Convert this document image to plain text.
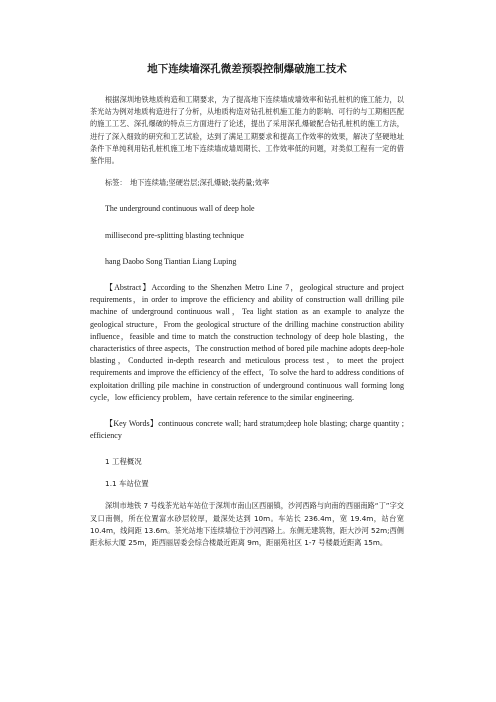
地下连续墙深孔微差预裂控制爆破施工技术

根据深圳地铁地质构造和工期要求，为了提高地下连续墙成墙效率和钻孔桩机的施工能力，以茶光站为例对地质构造进行了分析，从地质构造对钻孔桩机施工能力的影响、可行的与工期相匹配的施工工艺、深孔爆破的特点三方面进行了论述，提出了采用深孔爆破配合钻孔桩机的施工方法，进行了深入细致的研究和工艺试验，达到了满足工期要求和提高工作效率的效果，解决了坚硬地址条件下单纯利用钻孔桩机施工地下连续墙成墙周期长、工作效率低的问题，对类似工程有一定的借鉴作用。

标签：　地下连续墙;坚硬岩层;深孔爆破;装药量;效率

The underground continuous wall of deep hole

millisecond pre-splitting blasting technique

hang Daobo Song Tiantian Liang Luping

【Abstract】According to the Shenzhen Metro Line 7，geological structure and project requirements，in order to improve the efficiency and ability of construction wall drilling pile machine of underground continuous wall，Tea light station as an example to analyze the geological structure，From the geological structure of the drilling machine construction ability influence，feasible and time to match the construction technology of deep hole blasting，the characteristics of three aspects，The construction method of bored pile machine adopts deep-hole blasting，Conducted in-depth research and meticulous process test，to meet the project requirements and improve the efficiency of the effect，To solve the hard to address conditions of exploitation drilling pile machine in construction of underground continuous wall forming long cycle，low efficiency problem，have certain reference to the similar engineering.

【Key Words】continuous concrete wall; hard stratum;deep hole blasting; charge quantity ; efficiency

1 工程概况

1.1 车站位置

深圳市地铁 7 号线茶光站车站位于深圳市南山区西丽镇，沙河西路与向南的西丽南路“丁”字交叉口南侧，所在位置富水砂层较厚，最深处达到 10m。车站长 236.4m，宽 19.4m，站台宽 10.4m，线间距 13.6m。茶光站地下连续墙位于沙河西路上。东侧无建筑物，距大沙河 52m;西侧距永标大厦 25m，距西丽居委会综合楼最近距离 9m，距丽苑社区 1-7 号楼最近距离 15m。
